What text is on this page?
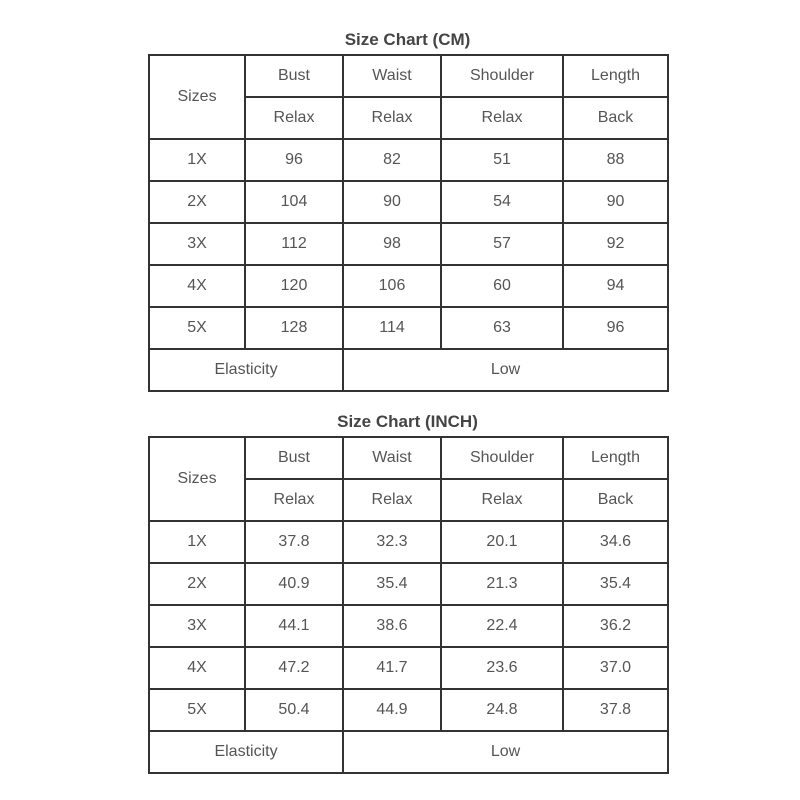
Size Chart (CM)
Sizes	Bust	Waist	Shoulder	Length
	Relax	Relax	Relax	Back
1X	96	82	51	88
2X	104	90	54	90
3X	112	98	57	92
4X	120	106	60	94
5X	128	114	63	96
Elasticity		Low		
Size Chart (INCH)
Sizes	Bust	Waist	Shoulder	Length
	Relax	Relax	Relax	Back
1X	37.8	32.3	20.1	34.6
2X	40.9	35.4	21.3	35.4
3X	44.1	38.6	22.4	36.2
4X	47.2	41.7	23.6	37.0
5X	50.4	44.9	24.8	37.8
Elasticity		Low		
